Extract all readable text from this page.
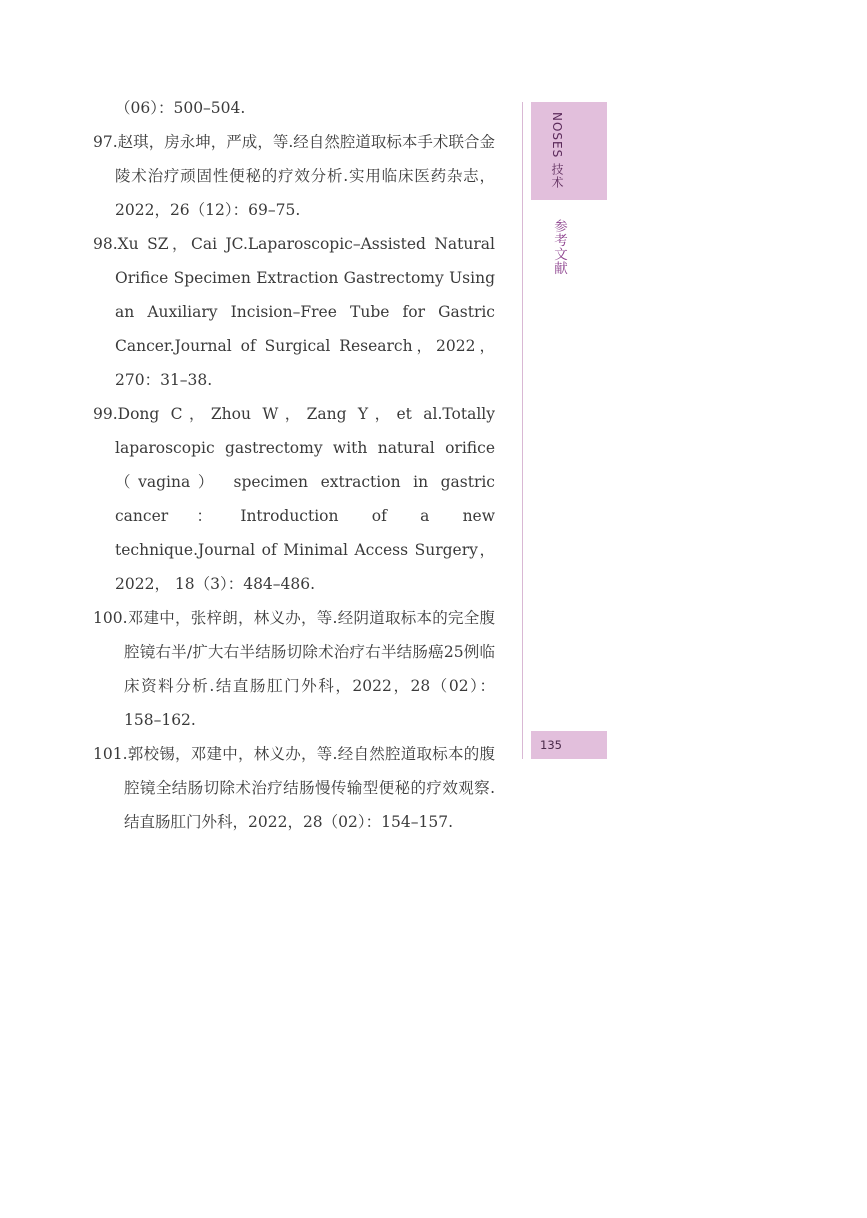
（06）：500–504.
97.赵琪，房永坤，严成，等.经自然腔道取标本手术联合金陵术治疗顽固性便秘的疗效分析.实用临床医药杂志，2022，26（12）：69–75.
98.Xu SZ，Cai JC.Laparoscopic–Assisted Natural Orifice Specimen Extraction Gastrectomy Using an Auxiliary Incision–Free Tube for Gastric Cancer.Journal of Surgical Research，2022，270：31–38.
99.Dong C，Zhou W，Zang Y，et al.Totally laparoscopic gastrectomy with natural orifice （vagina） specimen extraction in gastric cancer：Introduction of a new technique.Journal of Minimal Access Surgery，2022， 18（3）：484–486.
100.邓建中，张梓朗，林义办，等.经阴道取标本的完全腹腔镜右半/扩大右半结肠切除术治疗右半结肠癌25例临床资料分析.结直肠肛门外科，2022，28（02）：158–162.
101.郭校锡，邓建中，林义办，等.经自然腔道取标本的腹腔镜全结肠切除术治疗结肠慢传输型便秘的疗效观察.结直肠肛门外科，2022，28（02）：154–157.
NOSES 技术
参考文献
135
